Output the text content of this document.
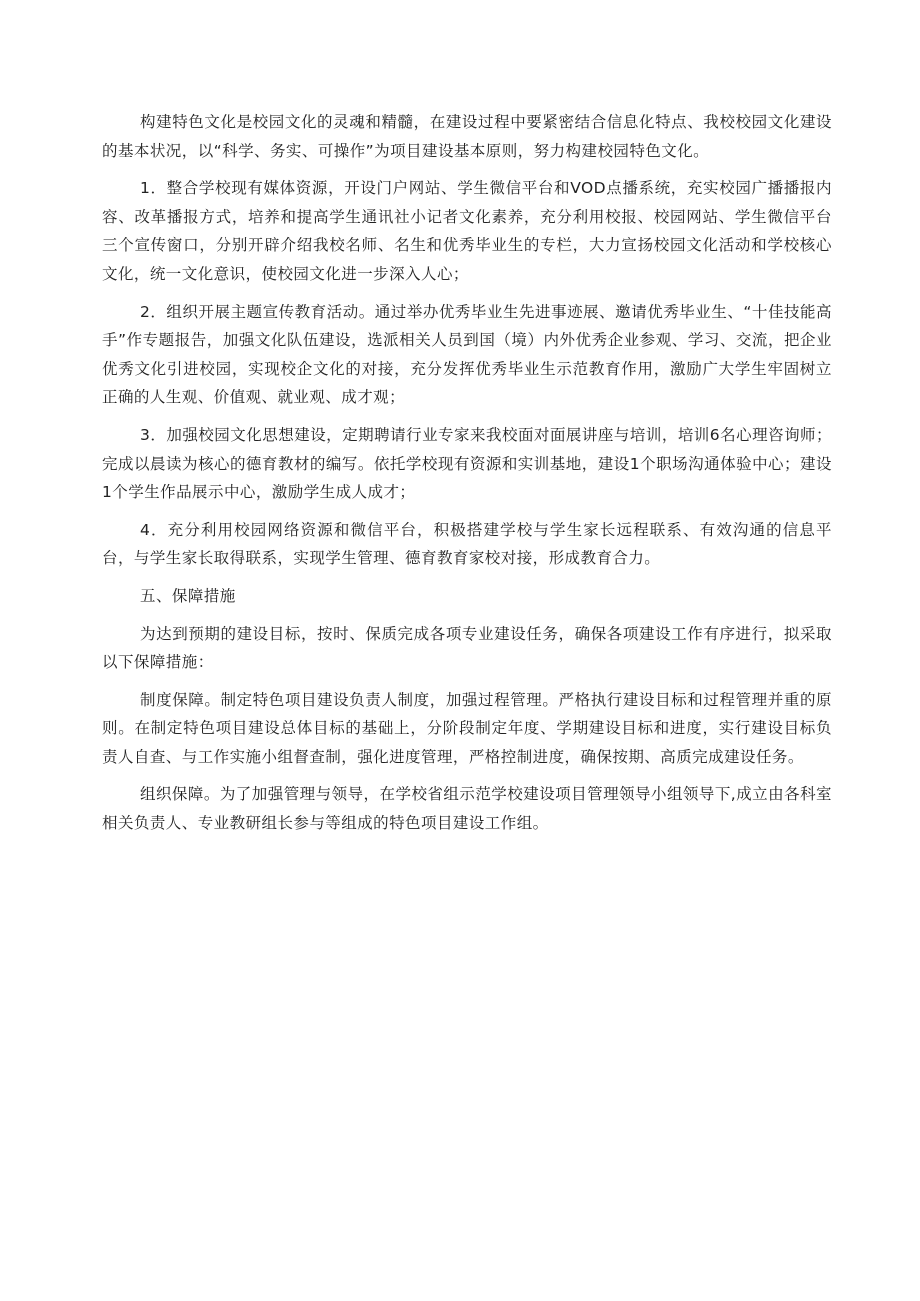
构建特色文化是校园文化的灵魂和精髓，在建设过程中要紧密结合信息化特点、我校校园文化建设的基本状况，以“科学、务实、可操作”为项目建设基本原则，努力构建校园特色文化。

1．整合学校现有媒体资源，开设门户网站、学生微信平台和VOD点播系统，充实校园广播播报内容、改革播报方式，培养和提高学生通讯社小记者文化素养，充分利用校报、校园网站、学生微信平台三个宣传窗口，分别开辟介绍我校名师、名生和优秀毕业生的专栏，大力宣扬校园文化活动和学校核心文化，统一文化意识，使校园文化进一步深入人心；

2．组织开展主题宣传教育活动。通过举办优秀毕业生先进事迹展、邀请优秀毕业生、“十佳技能高手”作专题报告，加强文化队伍建设，选派相关人员到国（境）内外优秀企业参观、学习、交流，把企业优秀文化引进校园，实现校企文化的对接，充分发挥优秀毕业生示范教育作用，激励广大学生牢固树立正确的人生观、价值观、就业观、成才观；

3．加强校园文化思想建设，定期聘请行业专家来我校面对面展讲座与培训，培训6名心理咨询师；完成以晨读为核心的德育教材的编写。依托学校现有资源和实训基地，建设1个职场沟通体验中心；建设1个学生作品展示中心，激励学生成人成才；

4．充分利用校园网络资源和微信平台，积极搭建学校与学生家长远程联系、有效沟通的信息平台，与学生家长取得联系，实现学生管理、德育教育家校对接，形成教育合力。

五、保障措施

为达到预期的建设目标，按时、保质完成各项专业建设任务，确保各项建设工作有序进行，拟采取以下保障措施：

制度保障。制定特色项目建设负责人制度，加强过程管理。严格执行建设目标和过程管理并重的原则。在制定特色项目建设总体目标的基础上，分阶段制定年度、学期建设目标和进度，实行建设目标负责人自查、与工作实施小组督查制，强化进度管理，严格控制进度，确保按期、高质完成建设任务。

组织保障。为了加强管理与领导，在学校省组示范学校建设项目管理领导小组领导下,成立由各科室相关负责人、专业教研组长参与等组成的特色项目建设工作组。
